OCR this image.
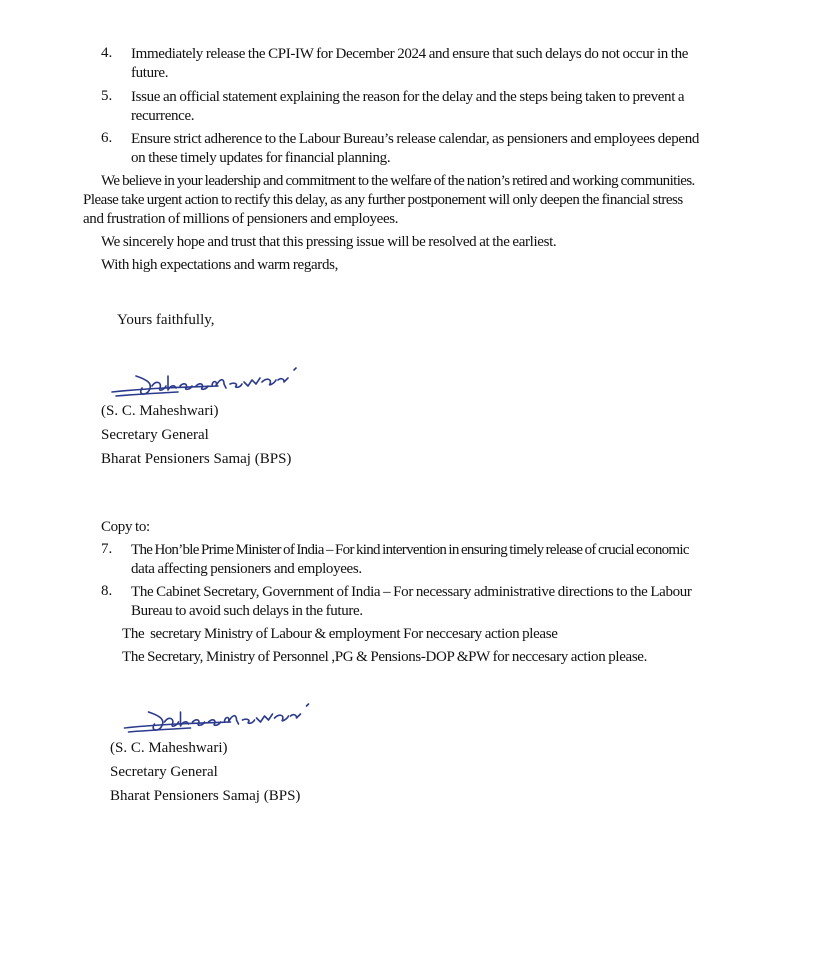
4.	Immediately release the CPI-IW for December 2024 and ensure that such delays do not occur in the
future.
5.	Issue an official statement explaining the reason for the delay and the steps being taken to prevent a
recurrence.
6.	Ensure strict adherence to the Labour Bureau’s release calendar, as pensioners and employees depend
on these timely updates for financial planning.
We believe in your leadership and commitment to the welfare of the nation’s retired and working communities.
Please take urgent action to rectify this delay, as any further postponement will only deepen the financial stress
and frustration of millions of pensioners and employees.
We sincerely hope and trust that this pressing issue will be resolved at the earliest.
With high expectations and warm regards,
Yours faithfully,
(S. C. Maheshwari)
Secretary General
Bharat Pensioners Samaj (BPS)
Copy to:
7.	The Hon’ble Prime Minister of India – For kind intervention in ensuring timely release of crucial economic
data affecting pensioners and employees.
8.	The Cabinet Secretary, Government of India – For necessary administrative directions to the Labour
Bureau to avoid such delays in the future.
The  secretary Ministry of Labour & employment For neccesary action please
The Secretary, Ministry of Personnel ,PG & Pensions-DOP &PW for neccesary action please.
(S. C. Maheshwari)
Secretary General
Bharat Pensioners Samaj (BPS)
